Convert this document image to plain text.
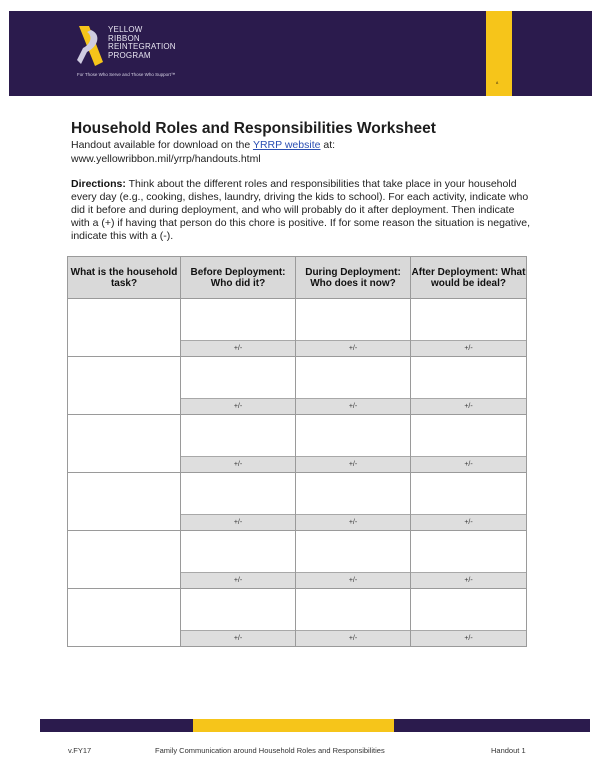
YELLOW
RIBBON
REINTEGRATION
PROGRAM
For Those Who Serve and Those Who Support™
ᴬ
Household Roles and Responsibilities Worksheet
Handout available for download on the YRRP website at:
www.yellowribbon.mil/yrrp/handouts.html
Directions: Think about the different roles and responsibilities that take place in your household every day (e.g., cooking, dishes, laundry, driving the kids to school). For each activity, indicate who did it before and during deployment, and who will probably do it after deployment. Then indicate with a (+) if having that person do this chore is positive. If for some reason the situation is negative, indicate this with a (-).
What is the household task?	Before Deployment: Who did it?	During Deployment: Who does it now?	After Deployment: What would be ideal?

	+/-	+/-	+/-

	+/-	+/-	+/-

	+/-	+/-	+/-

	+/-	+/-	+/-

	+/-	+/-	+/-

	+/-	+/-	+/-
v.FY17	Family Communication around Household Roles and Responsibilities	Handout 1
